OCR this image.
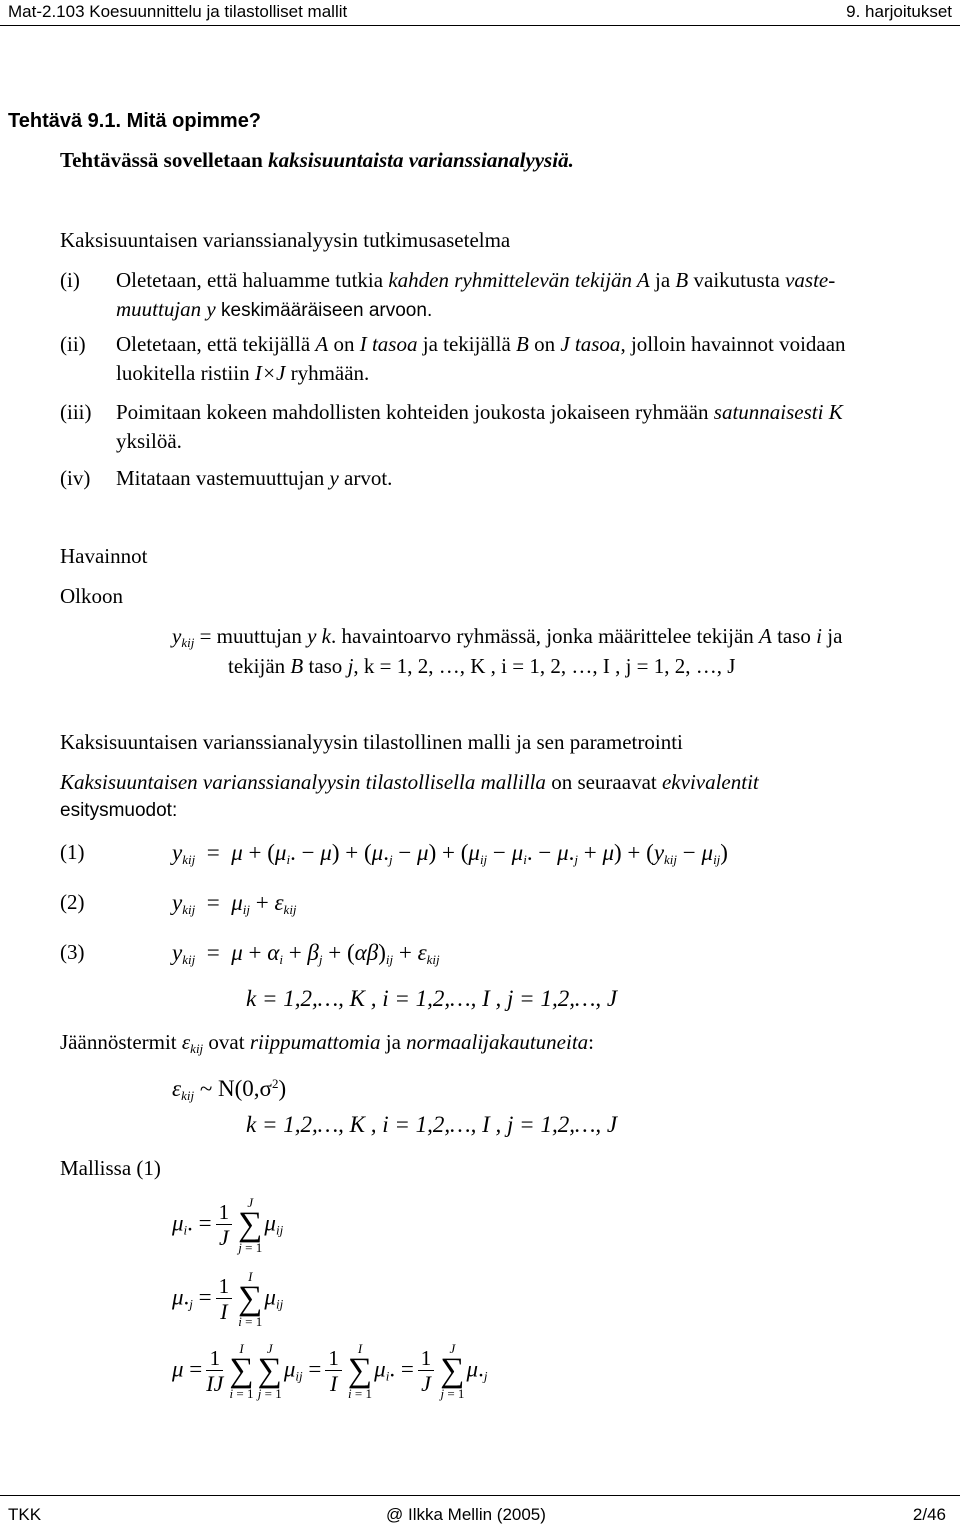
Mat-2.103 Koesuunnittelu ja tilastolliset mallit	9. harjoitukset
Tehtävä 9.1. Mitä opimme?
Tehtävässä sovelletaan kaksisuuntaista varianssianalyysiä.
Kaksisuuntaisen varianssianalyysin tutkimusasetelma
(i) Oletetaan, että haluamme tutkia kahden ryhmittelevän tekijän A ja B vaikutusta vaste-
muuttujan y keskimääräiseen arvoon.
(ii) Oletetaan, että tekijällä A on I tasoa ja tekijällä B on J tasoa, jolloin havainnot voidaan
luokitella ristiin I×J ryhmään.
(iii) Poimitaan kokeen mahdollisten kohteiden joukosta jokaiseen ryhmään satunnaisesti K
yksilöä.
(iv) Mitataan vastemuuttujan y arvot.
Havainnot
Olkoon
$y_{kij}$ = muuttujan y k. havaintoarvo ryhmässä, jonka määrittelee tekijän A taso i ja
tekijän B taso j, k = 1, 2, …, K , i = 1, 2, …, I , j = 1, 2, …, J
Kaksisuuntaisen varianssianalyysin tilastollinen malli ja sen parametrointi
Kaksisuuntaisen varianssianalyysin tilastollisella mallilla on seuraavat ekvivalentit
esitysmuodot:
(1)	$y_{kij} = \mu + (\mu_i$. − $\mu) + (\mu._j - \mu) + (\mu_{ij} - \mu_i$. − $\mu._j + \mu) + (y_{kij} - \mu_{ij})$
(2)	$y_{kij} = \mu_{ij} + \varepsilon_{kij}$
(3)	$y_{kij} = \mu + \alpha_i + \beta_j + (\alpha\beta)_{ij} + \varepsilon_{kij}$
k = 1,2,…, K , i = 1,2,…, I , j = 1,2,…, J
Jäännöstermit $\varepsilon_{kij}$ ovat riippumattomia ja normaalijakautuneita:
$\varepsilon_{kij}$ ~ $N(0,\sigma^2)$
k = 1,2,…, K , i = 1,2,…, I , j = 1,2,…, J
Mallissa (1)
$\mu_i$. = $\frac{1}{J}$	J
∑
j = 1
$\mu_{ij}$
$\mu._j = \frac{1}{I}$	I
∑
i = 1
$\mu_{ij}$
$\mu = \frac{1}{IJ}$	I
∑
i = 1
J
∑
j = 1
$\mu_{ij} = \frac{1}{I}$	I
∑
i = 1
$\mu_i$. = $\frac{1}{J}$	J
∑
j = 1
$\mu._j$
TKK	@ Ilkka Mellin (2005)	2/46
